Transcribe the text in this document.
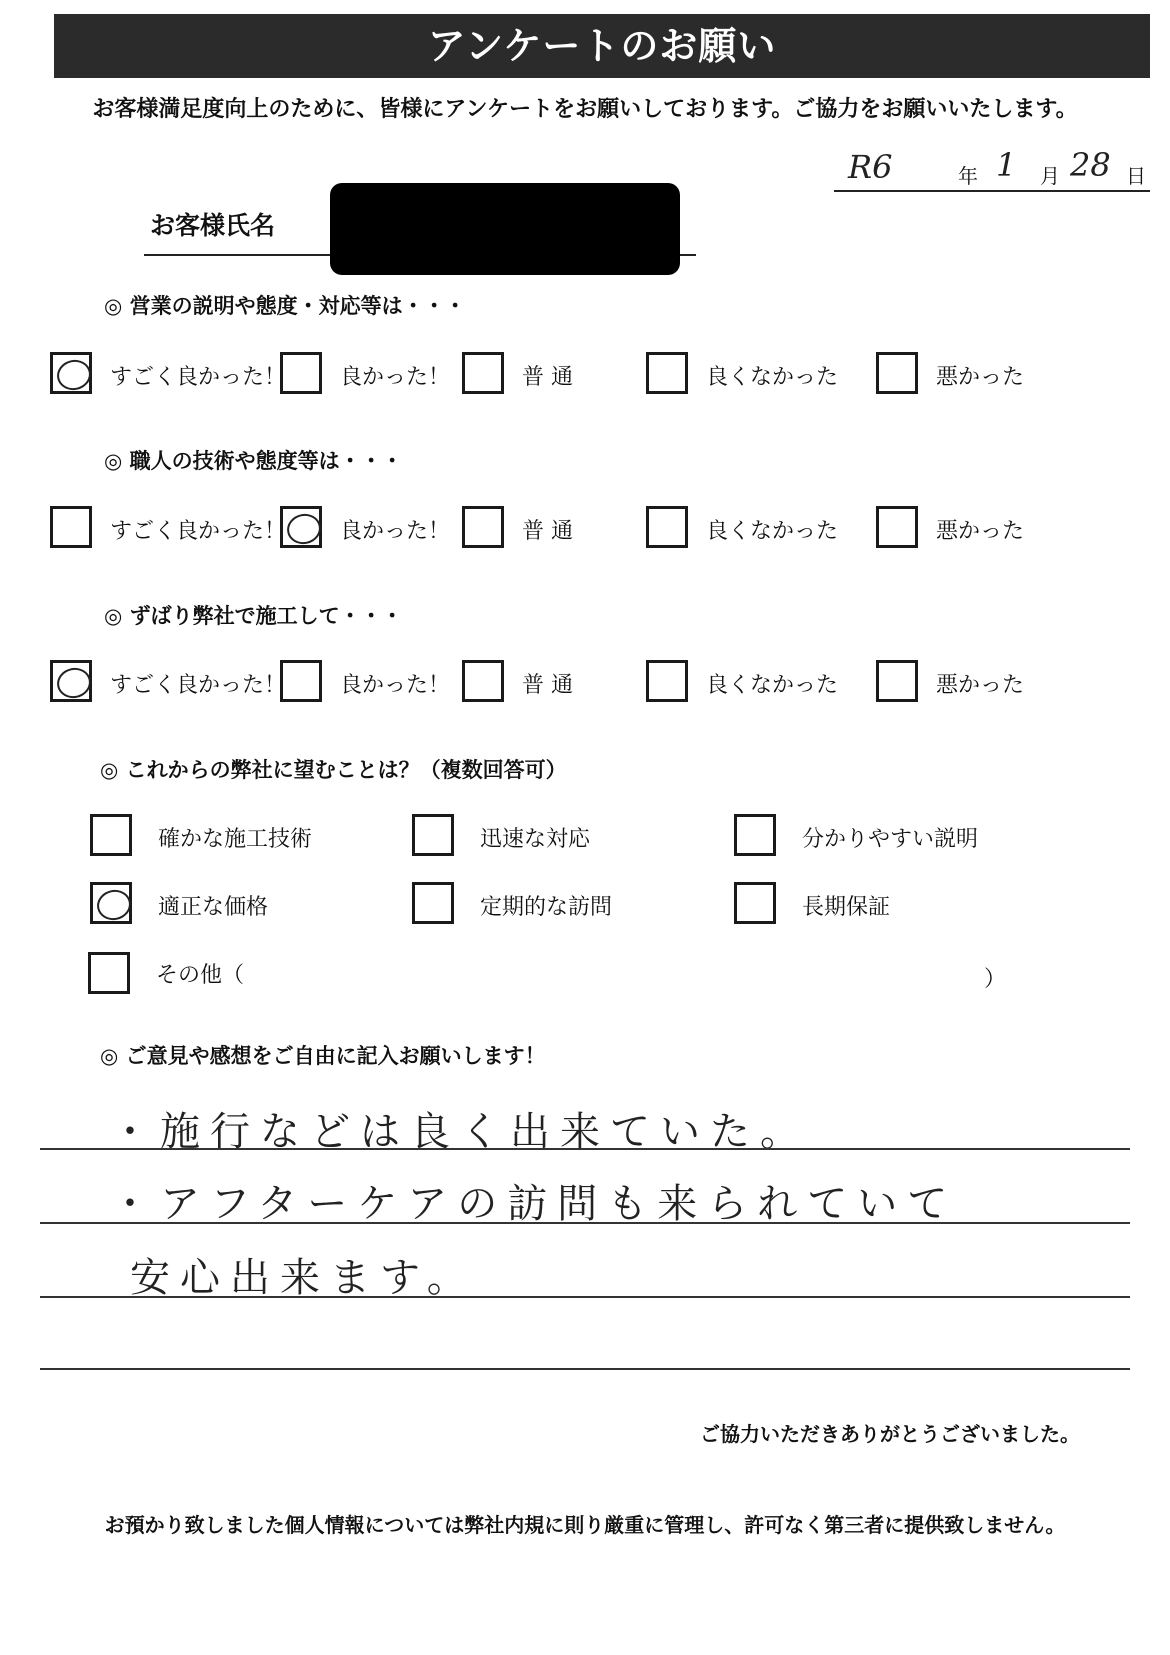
アンケートのお願い
お客様満足度向上のために、皆様にアンケートをお願いしております。ご協力をお願いいたします。
R6	年 1 月 28 日
お客様氏名
◎ 営業の説明や態度・対応等は・・・
すごく良かった！ 良かった！	普 通	良くなかった	悪かった
◎ 職人の技術や態度等は・・・
すごく良かった！ 良かった！	普 通	良くなかった	悪かった
◎ ずばり弊社で施工して・・・
すごく良かった！ 良かった！	普 通	良くなかった	悪かった
◎ これからの弊社に望むことは？（複数回答可）
確かな施工技術	迅速な対応	分かりやすい説明
適正な価格	定期的な訪問	長期保証
その他（	）
◎ ご意見や感想をご自由に記入お願いします！
・施行などは良く出来ていた。
・アフターケアの訪問も来られていて
安心出来ます。
ご協力いただきありがとうございました。
お預かり致しました個人情報については弊社内規に則り厳重に管理し、許可なく第三者に提供致しません。
